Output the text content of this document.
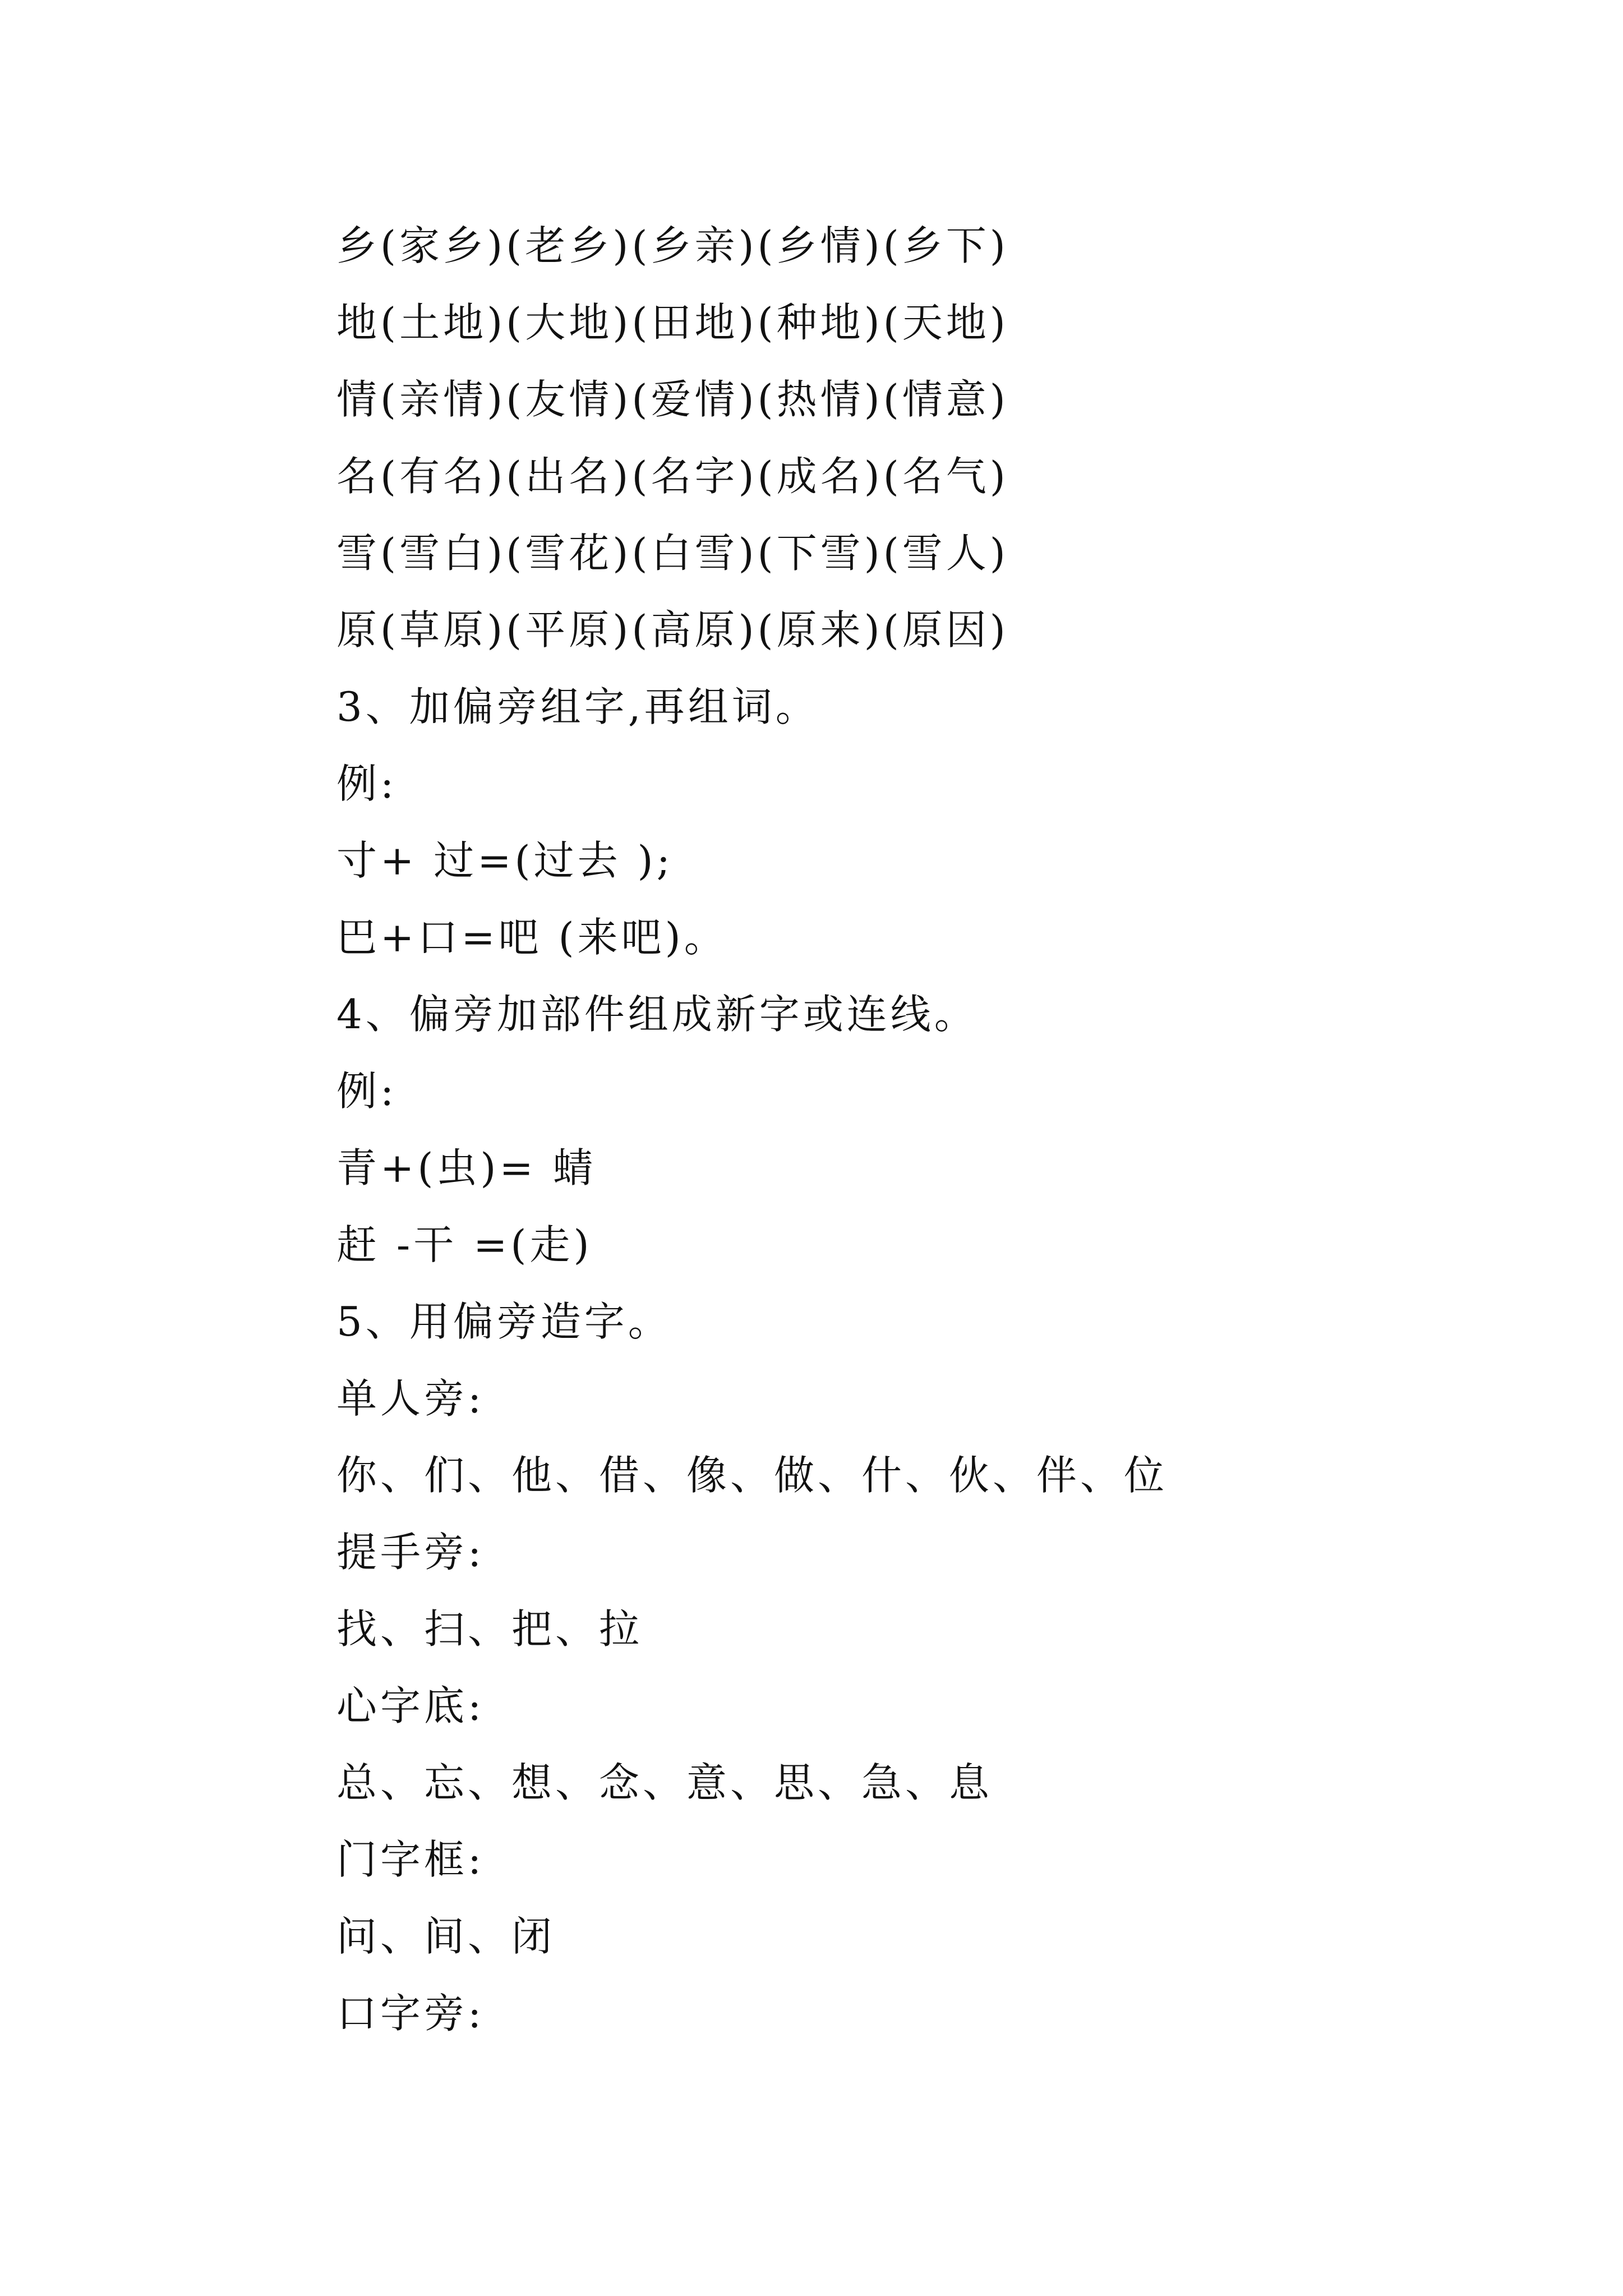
乡(家乡)(老乡)(乡亲)(乡情)(乡下)
地(土地)(大地)(田地)(种地)(天地)
情(亲情)(友情)(爱情)(热情)(情意)
名(有名)(出名)(名字)(成名)(名气)
雪(雪白)(雪花)(白雪)(下雪)(雪人)
原(草原)(平原)(高原)(原来)(原因)
3、加偏旁组字,再组词。
例:
寸+ 过=(过去 );
巴+口=吧 (来吧)。
4、偏旁加部件组成新字或连线。
例:
青+(虫)= 蜻
赶 -干 =(走)
5、用偏旁造字。
单人旁:
你、们、他、借、像、做、什、伙、伴、位
提手旁:
找、扫、把、拉
心字底:
总、忘、想、念、意、思、急、息
门字框:
问、间、闭
口字旁:
